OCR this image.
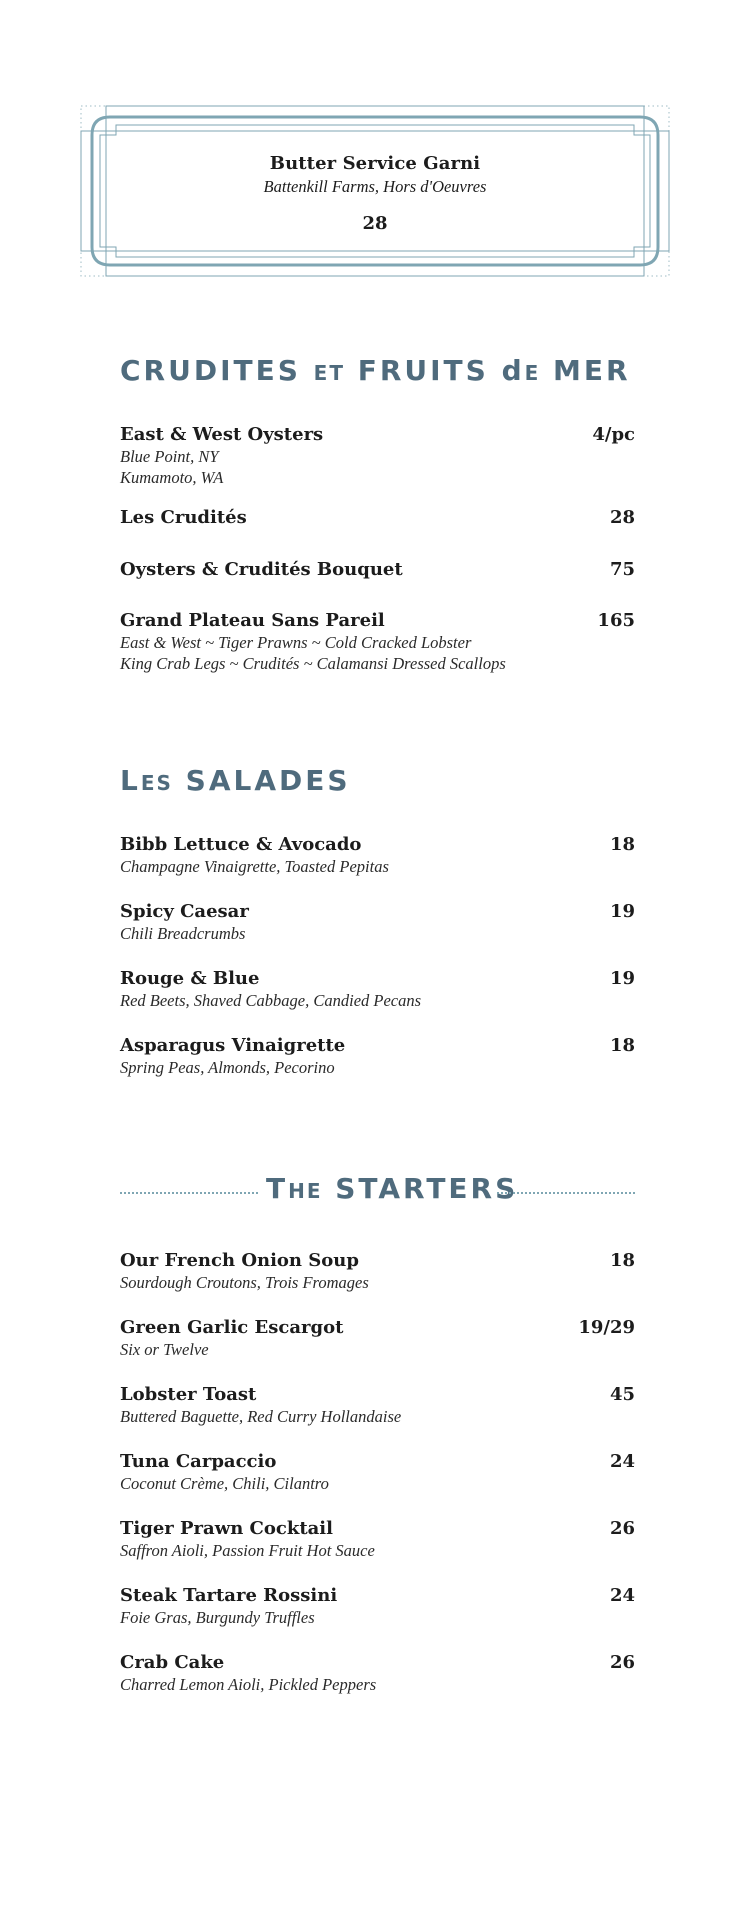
Butter Service Garni
Battenkill Farms, Hors d'Oeuvres
28
CRUDITES ET FRUITS dE MER
East & West Oysters	4/pc
Blue Point, NY
Kumamoto, WA
Les Crudités	28
Oysters & Crudités Bouquet	75
Grand Plateau Sans Pareil	165
East & West ~ Tiger Prawns ~ Cold Cracked Lobster
King Crab Legs ~ Crudités ~ Calamansi Dressed Scallops
LES SALADES
Bibb Lettuce & Avocado	18
Champagne Vinaigrette, Toasted Pepitas
Spicy Caesar	19
Chili Breadcrumbs
Rouge & Blue	19
Red Beets, Shaved Cabbage, Candied Pecans
Asparagus Vinaigrette	18
Spring Peas, Almonds, Pecorino
THE STARTERS
Our French Onion Soup	18
Sourdough Croutons, Trois Fromages
Green Garlic Escargot	19/29
Six or Twelve
Lobster Toast	45
Buttered Baguette, Red Curry Hollandaise
Tuna Carpaccio	24
Coconut Crème, Chili, Cilantro
Tiger Prawn Cocktail	26
Saffron Aioli, Passion Fruit Hot Sauce
Steak Tartare Rossini	24
Foie Gras, Burgundy Truffles
Crab Cake	26
Charred Lemon Aioli, Pickled Peppers
